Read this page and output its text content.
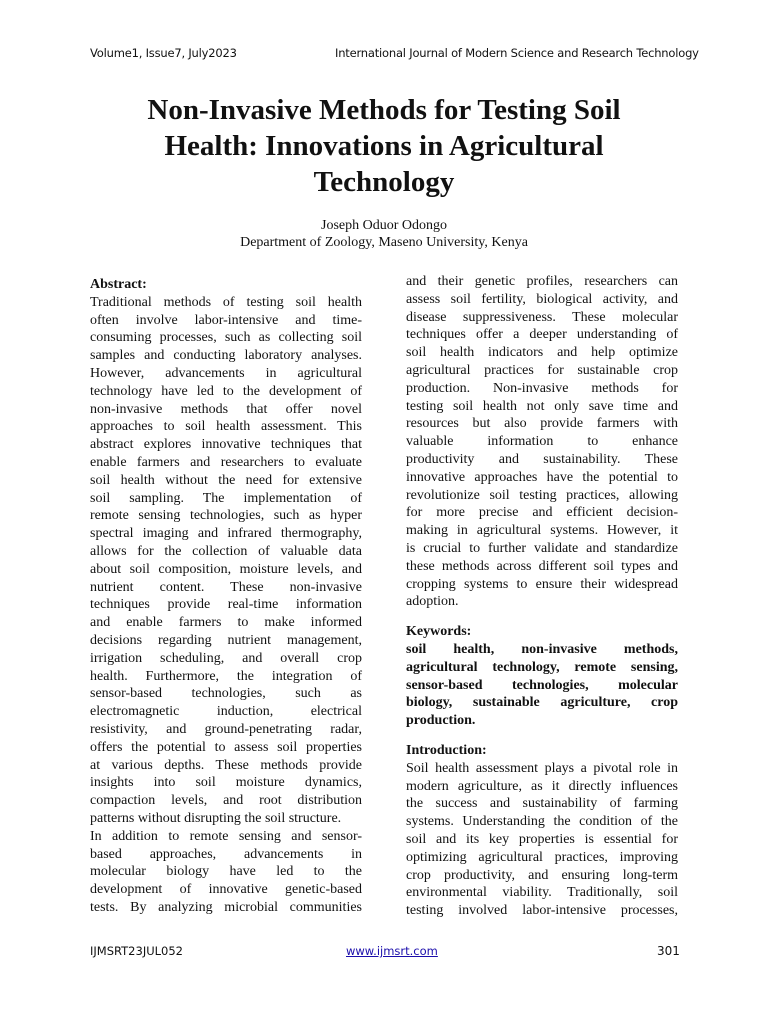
Volume1, Issue7, July2023	International Journal of Modern Science and Research Technology
Non-Invasive Methods for Testing Soil
Health: Innovations in Agricultural
Technology
Joseph Oduor Odongo
Department of Zoology, Maseno University, Kenya
Abstract:
Traditional methods of testing soil health
often involve labor-intensive and time-
consuming processes, such as collecting soil
samples and conducting laboratory analyses.
However, advancements in agricultural
technology have led to the development of
non-invasive methods that offer novel
approaches to soil health assessment. This
abstract explores innovative techniques that
enable farmers and researchers to evaluate
soil health without the need for extensive
soil sampling. The implementation of
remote sensing technologies, such as hyper
spectral imaging and infrared thermography,
allows for the collection of valuable data
about soil composition, moisture levels, and
nutrient content. These non-invasive
techniques provide real-time information
and enable farmers to make informed
decisions regarding nutrient management,
irrigation scheduling, and overall crop
health. Furthermore, the integration of
sensor-based technologies, such as
electromagnetic induction, electrical
resistivity, and ground-penetrating radar,
offers the potential to assess soil properties
at various depths. These methods provide
insights into soil moisture dynamics,
compaction levels, and root distribution
patterns without disrupting the soil structure.
In addition to remote sensing and sensor-
based approaches, advancements in
molecular biology have led to the
development of innovative genetic-based
tests. By analyzing microbial communities
and their genetic profiles, researchers can
assess soil fertility, biological activity, and
disease suppressiveness. These molecular
techniques offer a deeper understanding of
soil health indicators and help optimize
agricultural practices for sustainable crop
production. Non-invasive methods for
testing soil health not only save time and
resources but also provide farmers with
valuable information to enhance
productivity and sustainability. These
innovative approaches have the potential to
revolutionize soil testing practices, allowing
for more precise and efficient decision-
making in agricultural systems. However, it
is crucial to further validate and standardize
these methods across different soil types and
cropping systems to ensure their widespread
adoption.
Keywords:
soil health, non-invasive methods,
agricultural technology, remote sensing,
sensor-based technologies, molecular
biology, sustainable agriculture, crop
production.
Introduction:
Soil health assessment plays a pivotal role in
modern agriculture, as it directly influences
the success and sustainability of farming
systems. Understanding the condition of the
soil and its key properties is essential for
optimizing agricultural practices, improving
crop productivity, and ensuring long-term
environmental viability. Traditionally, soil
testing involved labor-intensive processes,
IJMSRT23JUL052	www.ijmsrt.com	301
